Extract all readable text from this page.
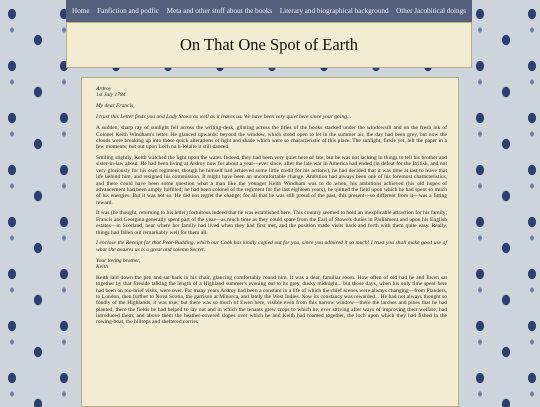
Home Fanfiction and podfic Meta and other stuff about the books Literary and biographical background Other Jacobitical doings
On That One Spot of Earth

Ardroy
1st July 1784

My dear Francis,

I trust this Letter finds you and Lady Stowe as well as it leaves us. We have been very quiet here since your going...

A sudden, sharp ray of sunlight fell across the writing-desk, glinting across the titles of the books stacked under the windowsill and on the fresh ink of Colonel Keith Windham's letter. He glanced upwards: beyond the window, which stood open to let in the summer air, the day had been grey, but now the clouds were breaking up into those quick alterations of light and shade which were so characteristic of this place. The sunlight, fickle yet, left the paper in a few moments; but out upon Loch na h-Iolaire it still danced.

Smiling slightly, Keith watched the light upon the water. Indeed, they had been very quiet here of late, but he was not lacking in things to tell his brother and sister-in-law about. He had been living at Ardroy now for about a year—ever since, after the late war in America had ended (in defeat for the British, and not very gloriously for his own regiment, though he himself had achieved some little credit for his actions), he had decided that it was time at last to leave that life behind him, and resigned his commission. It might have been an uncomfortable change. Ambition had always been one of his foremost characteristics, and there could have been some question what a man like the younger Keith Windham was to do when, his ambitions achieved (his old hopes of advancement had been amply fulfilled; he had been colonel of the regiment for the last eighteen years), he quitted the field upon which he had spent so much of his energies. But it was not so. He did not regret the change; for all that he was still proud of the past, this present—so different from it—was a fitting reward.

It was (he thought, returning to his letter) fortuitous indeed that he was established here. This country seemed to hold an inexplicable attraction for his family; Francis and Georgina generally spent part of the year—as much time as they could spare from the Earl of Stowe's duties in Parliament and upon his English estates—in Scotland, near where her family had lived when they had first met, and the position made visits back and forth with them quite easy. Really, things had fallen out remarkably well for them all.

I enclose the Receipt for that Pear-Pudding, which our Cook has kindly copied out for you, since you admired it so much! I trust you shall make good use of what she assures us is a great and solemn Secret.

Your loving brother,
Keith

Keith laid down the pen and sat back in his chair, glancing comfortably round him. It was a dear, familiar room. How often of old had he and Ewen sat together by that fireside talking the length of a Highland summer's evening out to its grey, dusky midnight... but those days, when his only time spent here had been on too-brief visits, were over. For many years Ardroy had been a constant in a life of which the chief scenes were always changing—from Flanders, to London, then further to Nova Scotia, the garrison at Minorca, and lately the West Indies. Now its constancy was rewarded... He had not always thought so fondly of the Highlands, it was true; but there was so much of Ewen here, visible even from this narrow window—there the larches and pines that he had planted, there the fields he had helped to lay out and in which the tenants grew crops to which he, ever striving after ways of improving their welfare, had introduced them; and above them the heather-covered slopes over which he and Keith had roamed together, the loch upon which they had fished in the rowing-boat, the hilltops and sheltered corries
